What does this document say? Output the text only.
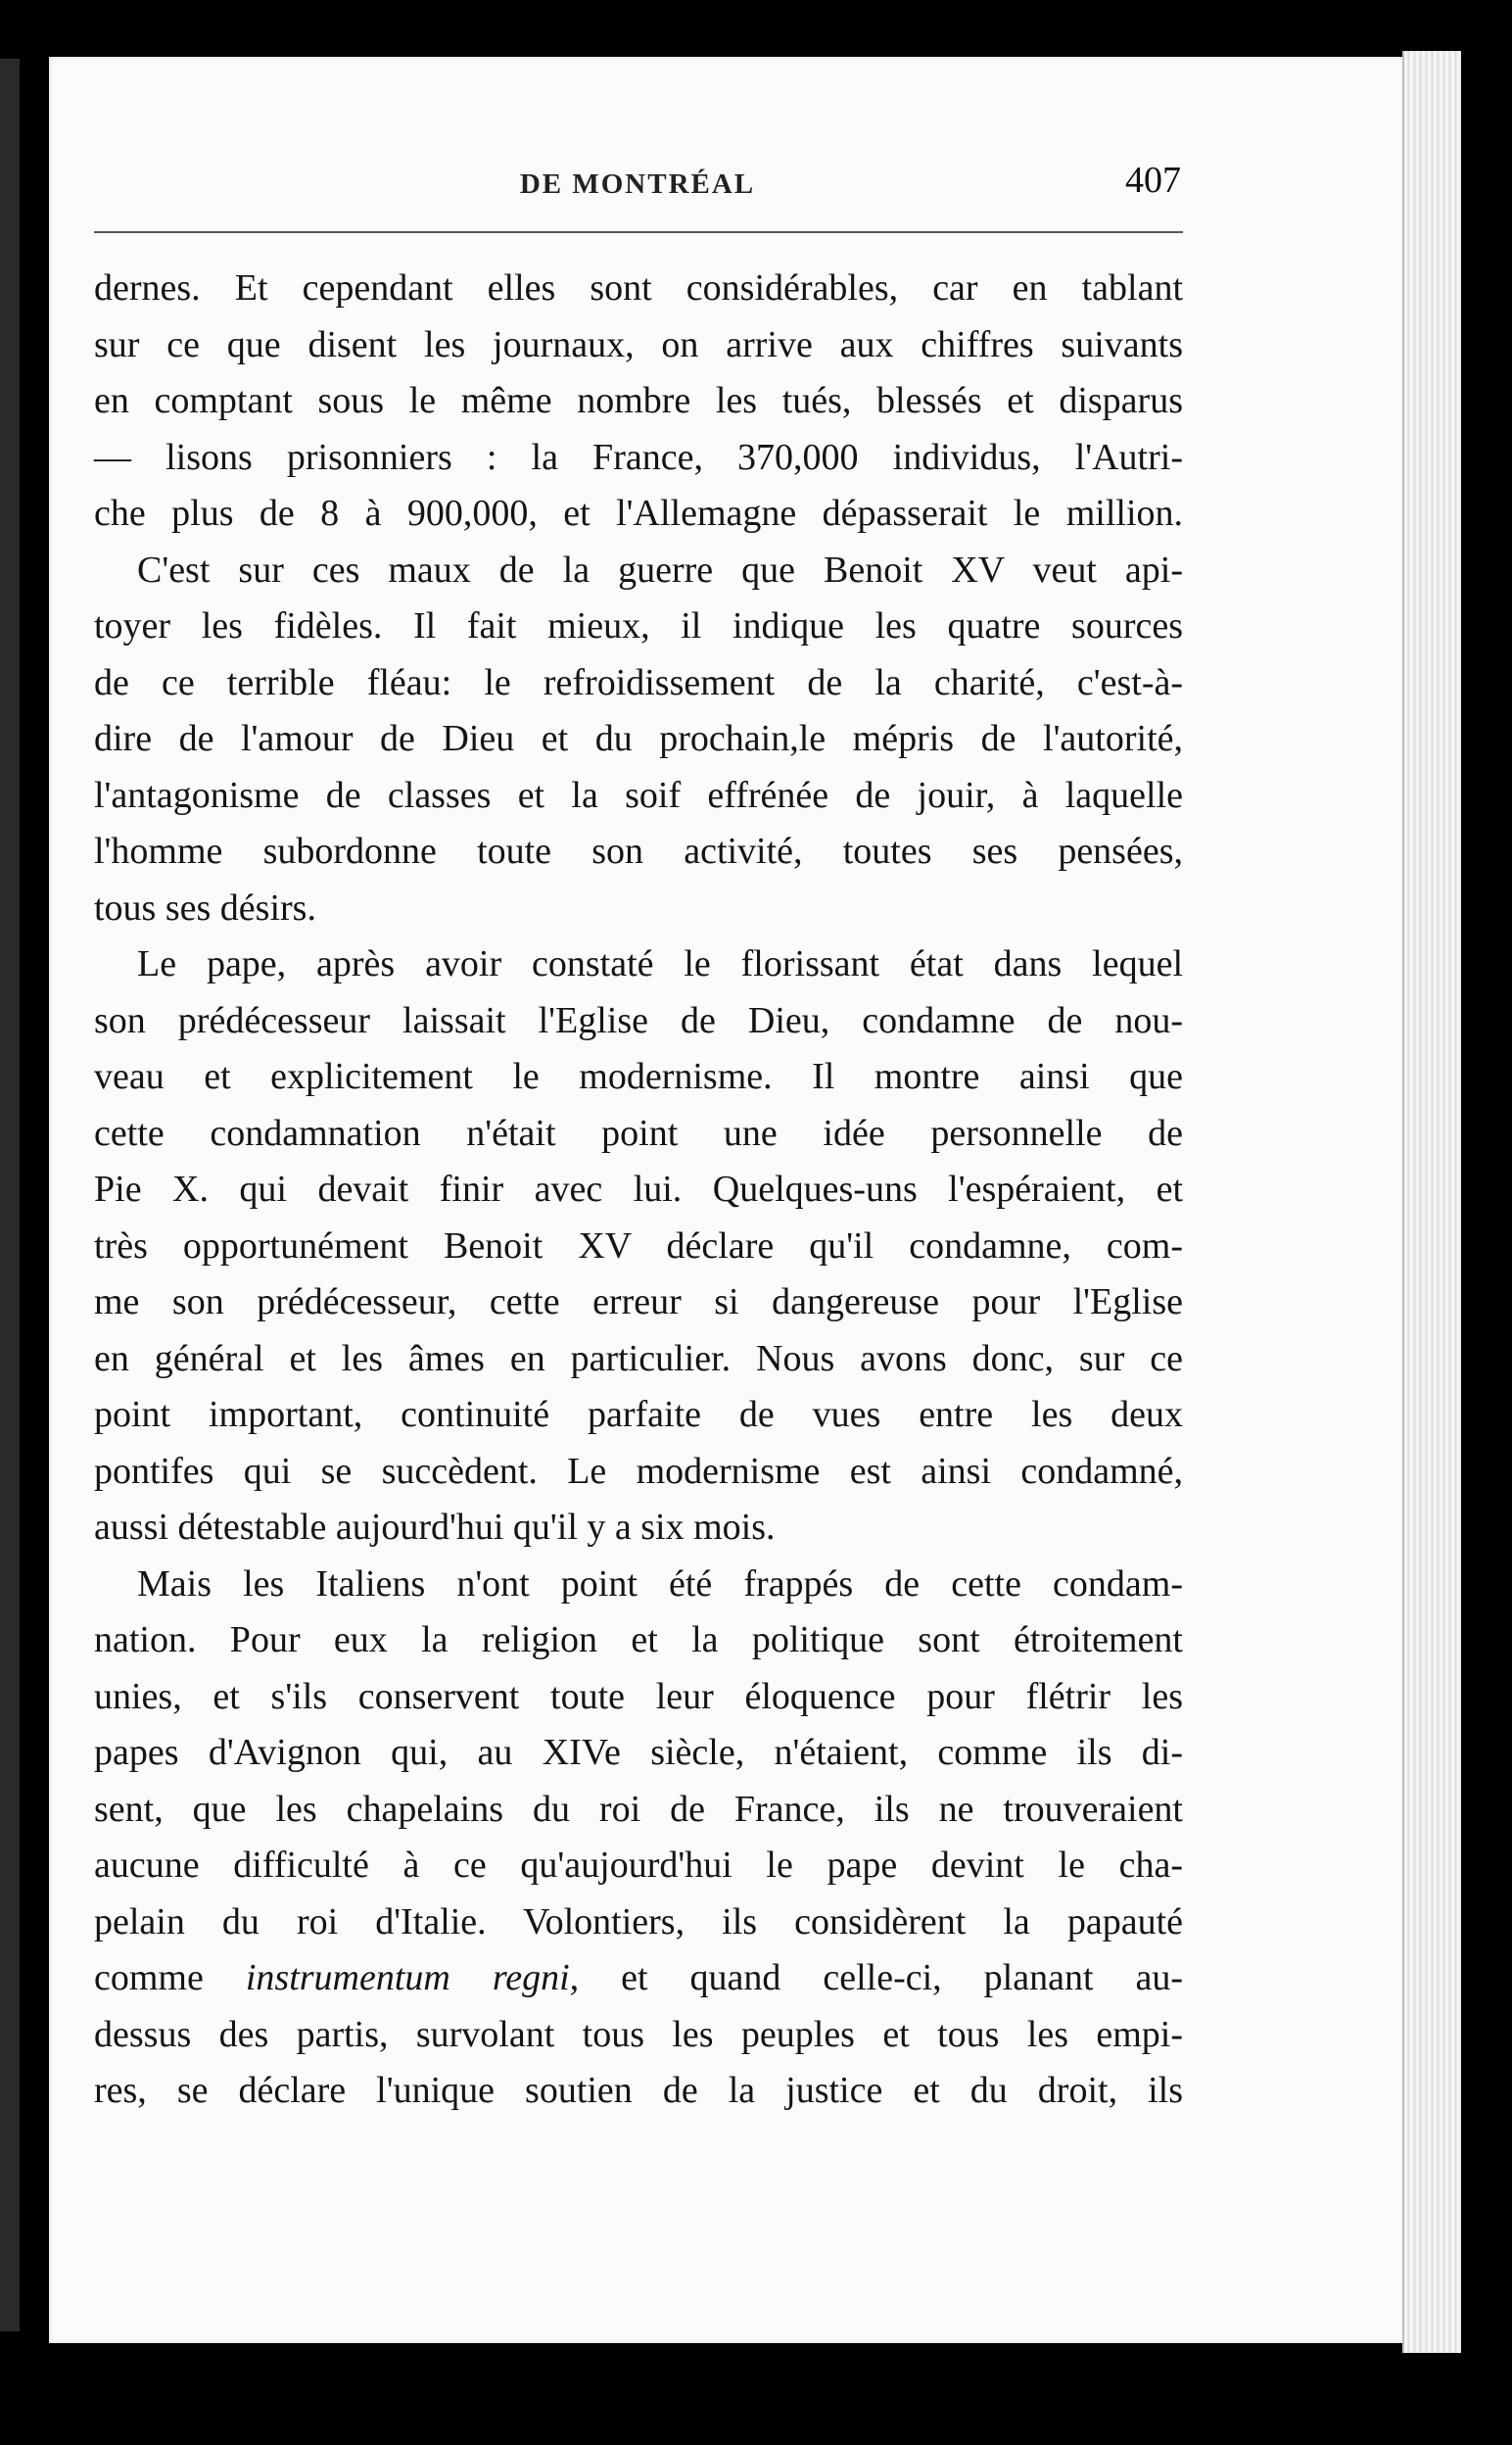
DE MONTRÉAL	407
dernes. Et cependant elles sont considérables, car en tablant
sur ce que disent les journaux, on arrive aux chiffres suivants
en comptant sous le même nombre les tués, blessés et disparus
— lisons prisonniers : la France, 370,000 individus, l'Autri-
che plus de 8 à 900,000, et l'Allemagne dépasserait le million.
C'est sur ces maux de la guerre que Benoit XV veut api-
toyer les fidèles. Il fait mieux, il indique les quatre sources
de ce terrible fléau: le refroidissement de la charité, c'est-à-
dire de l'amour de Dieu et du prochain,le mépris de l'autorité,
l'antagonisme de classes et la soif effrénée de jouir, à laquelle
l'homme subordonne toute son activité, toutes ses pensées,
tous ses désirs.
Le pape, après avoir constaté le florissant état dans lequel
son prédécesseur laissait l'Eglise de Dieu, condamne de nou-
veau et explicitement le modernisme. Il montre ainsi que
cette condamnation n'était point une idée personnelle de
Pie X. qui devait finir avec lui. Quelques-uns l'espéraient, et
très opportunément Benoit XV déclare qu'il condamne, com-
me son prédécesseur, cette erreur si dangereuse pour l'Eglise
en général et les âmes en particulier. Nous avons donc, sur ce
point important, continuité parfaite de vues entre les deux
pontifes qui se succèdent. Le modernisme est ainsi condamné,
aussi détestable aujourd'hui qu'il y a six mois.
Mais les Italiens n'ont point été frappés de cette condam-
nation. Pour eux la religion et la politique sont étroitement
unies, et s'ils conservent toute leur éloquence pour flétrir les
papes d'Avignon qui, au XIVe siècle, n'étaient, comme ils di-
sent, que les chapelains du roi de France, ils ne trouveraient
aucune difficulté à ce qu'aujourd'hui le pape devint le cha-
pelain du roi d'Italie. Volontiers, ils considèrent la papauté
comme instrumentum regni, et quand celle-ci, planant au-
dessus des partis, survolant tous les peuples et tous les empi-
res, se déclare l'unique soutien de la justice et du droit, ils
